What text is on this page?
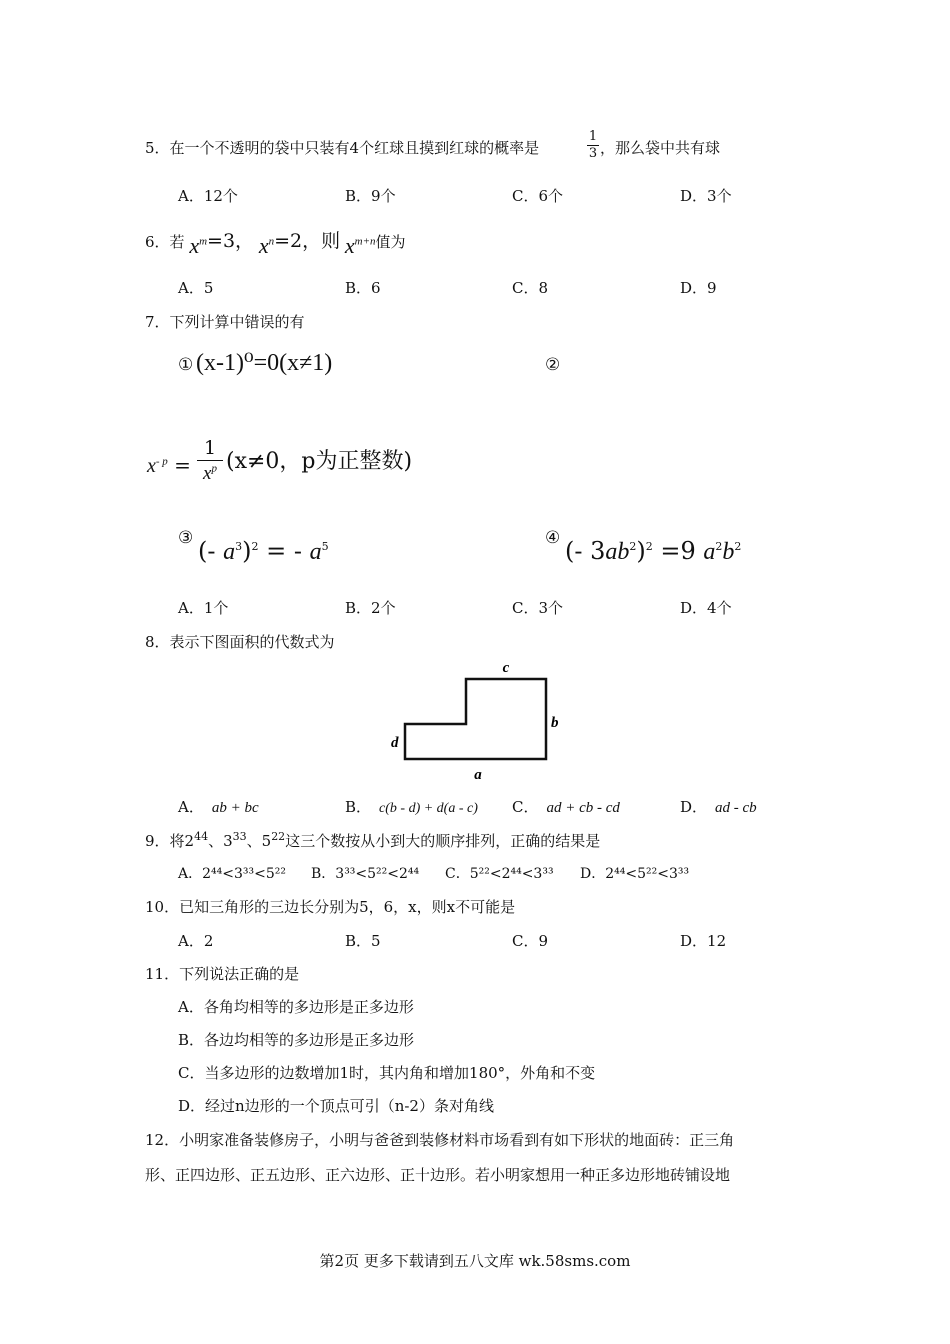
5．在一个不透明的袋中只装有4个红球且摸到红球的概率是
1
3 ，那么袋中共有球
A．12个	B．9个	C．6个	D．3个
6．若 $x^m=3$， $x^n=2$，则 $x^{m+n}$值为
A．5	B．6	C．8	D．9
7．下列计算中错误的有
① (x-1)⁰=0(x≠1)	②
$x^{- p}$ =
1
$x^p$ (x≠0，p为正整数)
③ (- $a^3)^2$ = - $a^5$	④ (- $3ab^2)^2 =9$ $a^2b^2$
A．1个	B．2个	C．3个	D．4个
8．表示下图面积的代数式为
c
b
d
a
A． ab + bc	B． c(b - d) + d(a - c) C． ad + cb - cd	D． ad - cb
9．将$2^{44}$、$3^{33}$、$5^{22}$这三个数按从小到大的顺序排列，正确的结果是
A．2⁴⁴<3³³<5²² B．3³³<5²²<2⁴⁴ C．5²²<2⁴⁴<3³³ D．2⁴⁴<5²²<3³³
10．已知三角形的三边长分别为5，6，x，则x不可能是
A．2	B．5	C．9	D．12
11．下列说法正确的是
A．各角均相等的多边形是正多边形
B．各边均相等的多边形是正多边形
C．当多边形的边数增加1时，其内角和增加180°，外角和不变
D．经过n边形的一个顶点可引（n-2）条对角线
12．小明家准备装修房子，小明与爸爸到装修材料市场看到有如下形状的地面砖：正三角
形、正四边形、正五边形、正六边形、正十边形。若小明家想用一种正多边形地砖铺设地
第2页 更多下载请到五八文库 wk.58sms.com
